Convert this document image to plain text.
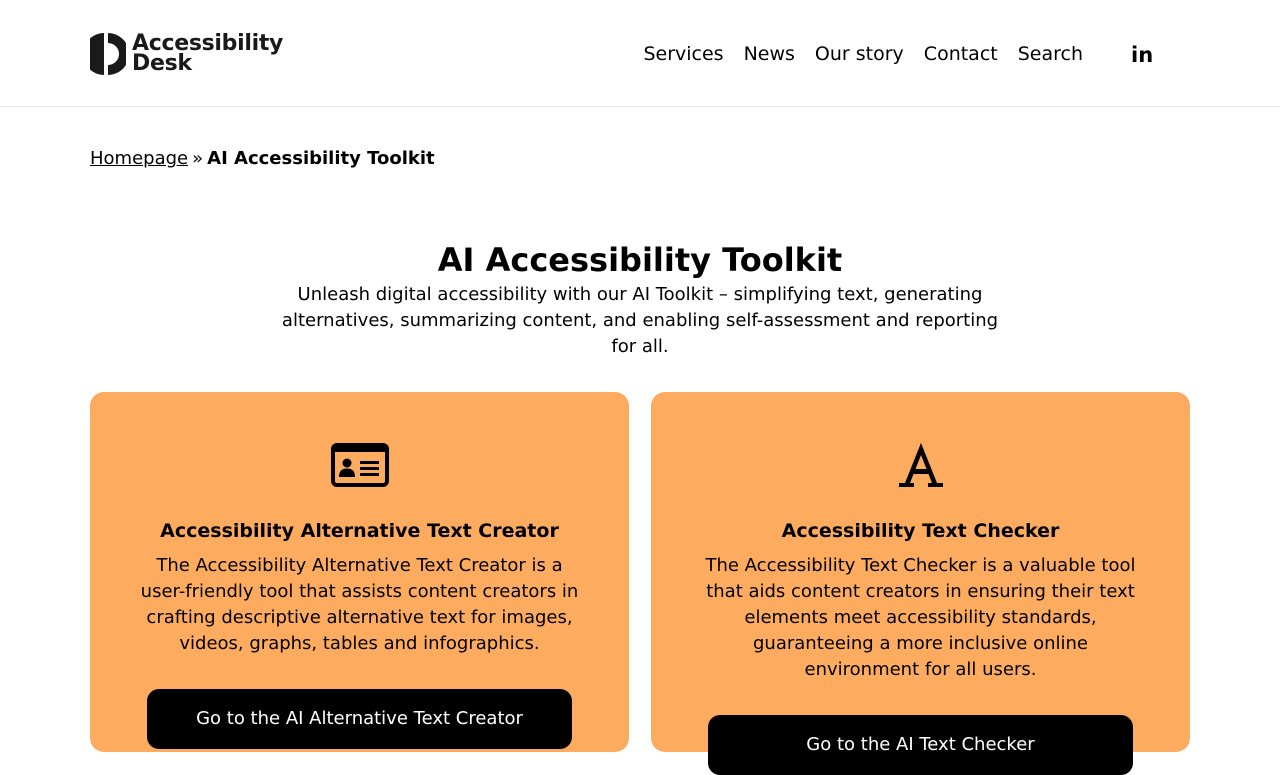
Accessibility
Desk	Services News Our story Contact Search in
Homepage » AI Accessibility Toolkit
AI Accessibility Toolkit

Unleash digital accessibility with our AI Toolkit – simplifying text, generating alternatives, summarizing content, and enabling self-assessment and reporting for all.

Accessibility Alternative Text Creator

The Accessibility Alternative Text Creator is a user-friendly tool that assists content creators in crafting descriptive alternative text for images, videos, graphs, tables and infographics.

Go to the AI Alternative Text Creator
Accessibility Text Checker

The Accessibility Text Checker is a valuable tool that aids content creators in ensuring their text elements meet accessibility standards, guaranteeing a more inclusive online environment for all users.

Go to the AI Text Checker
